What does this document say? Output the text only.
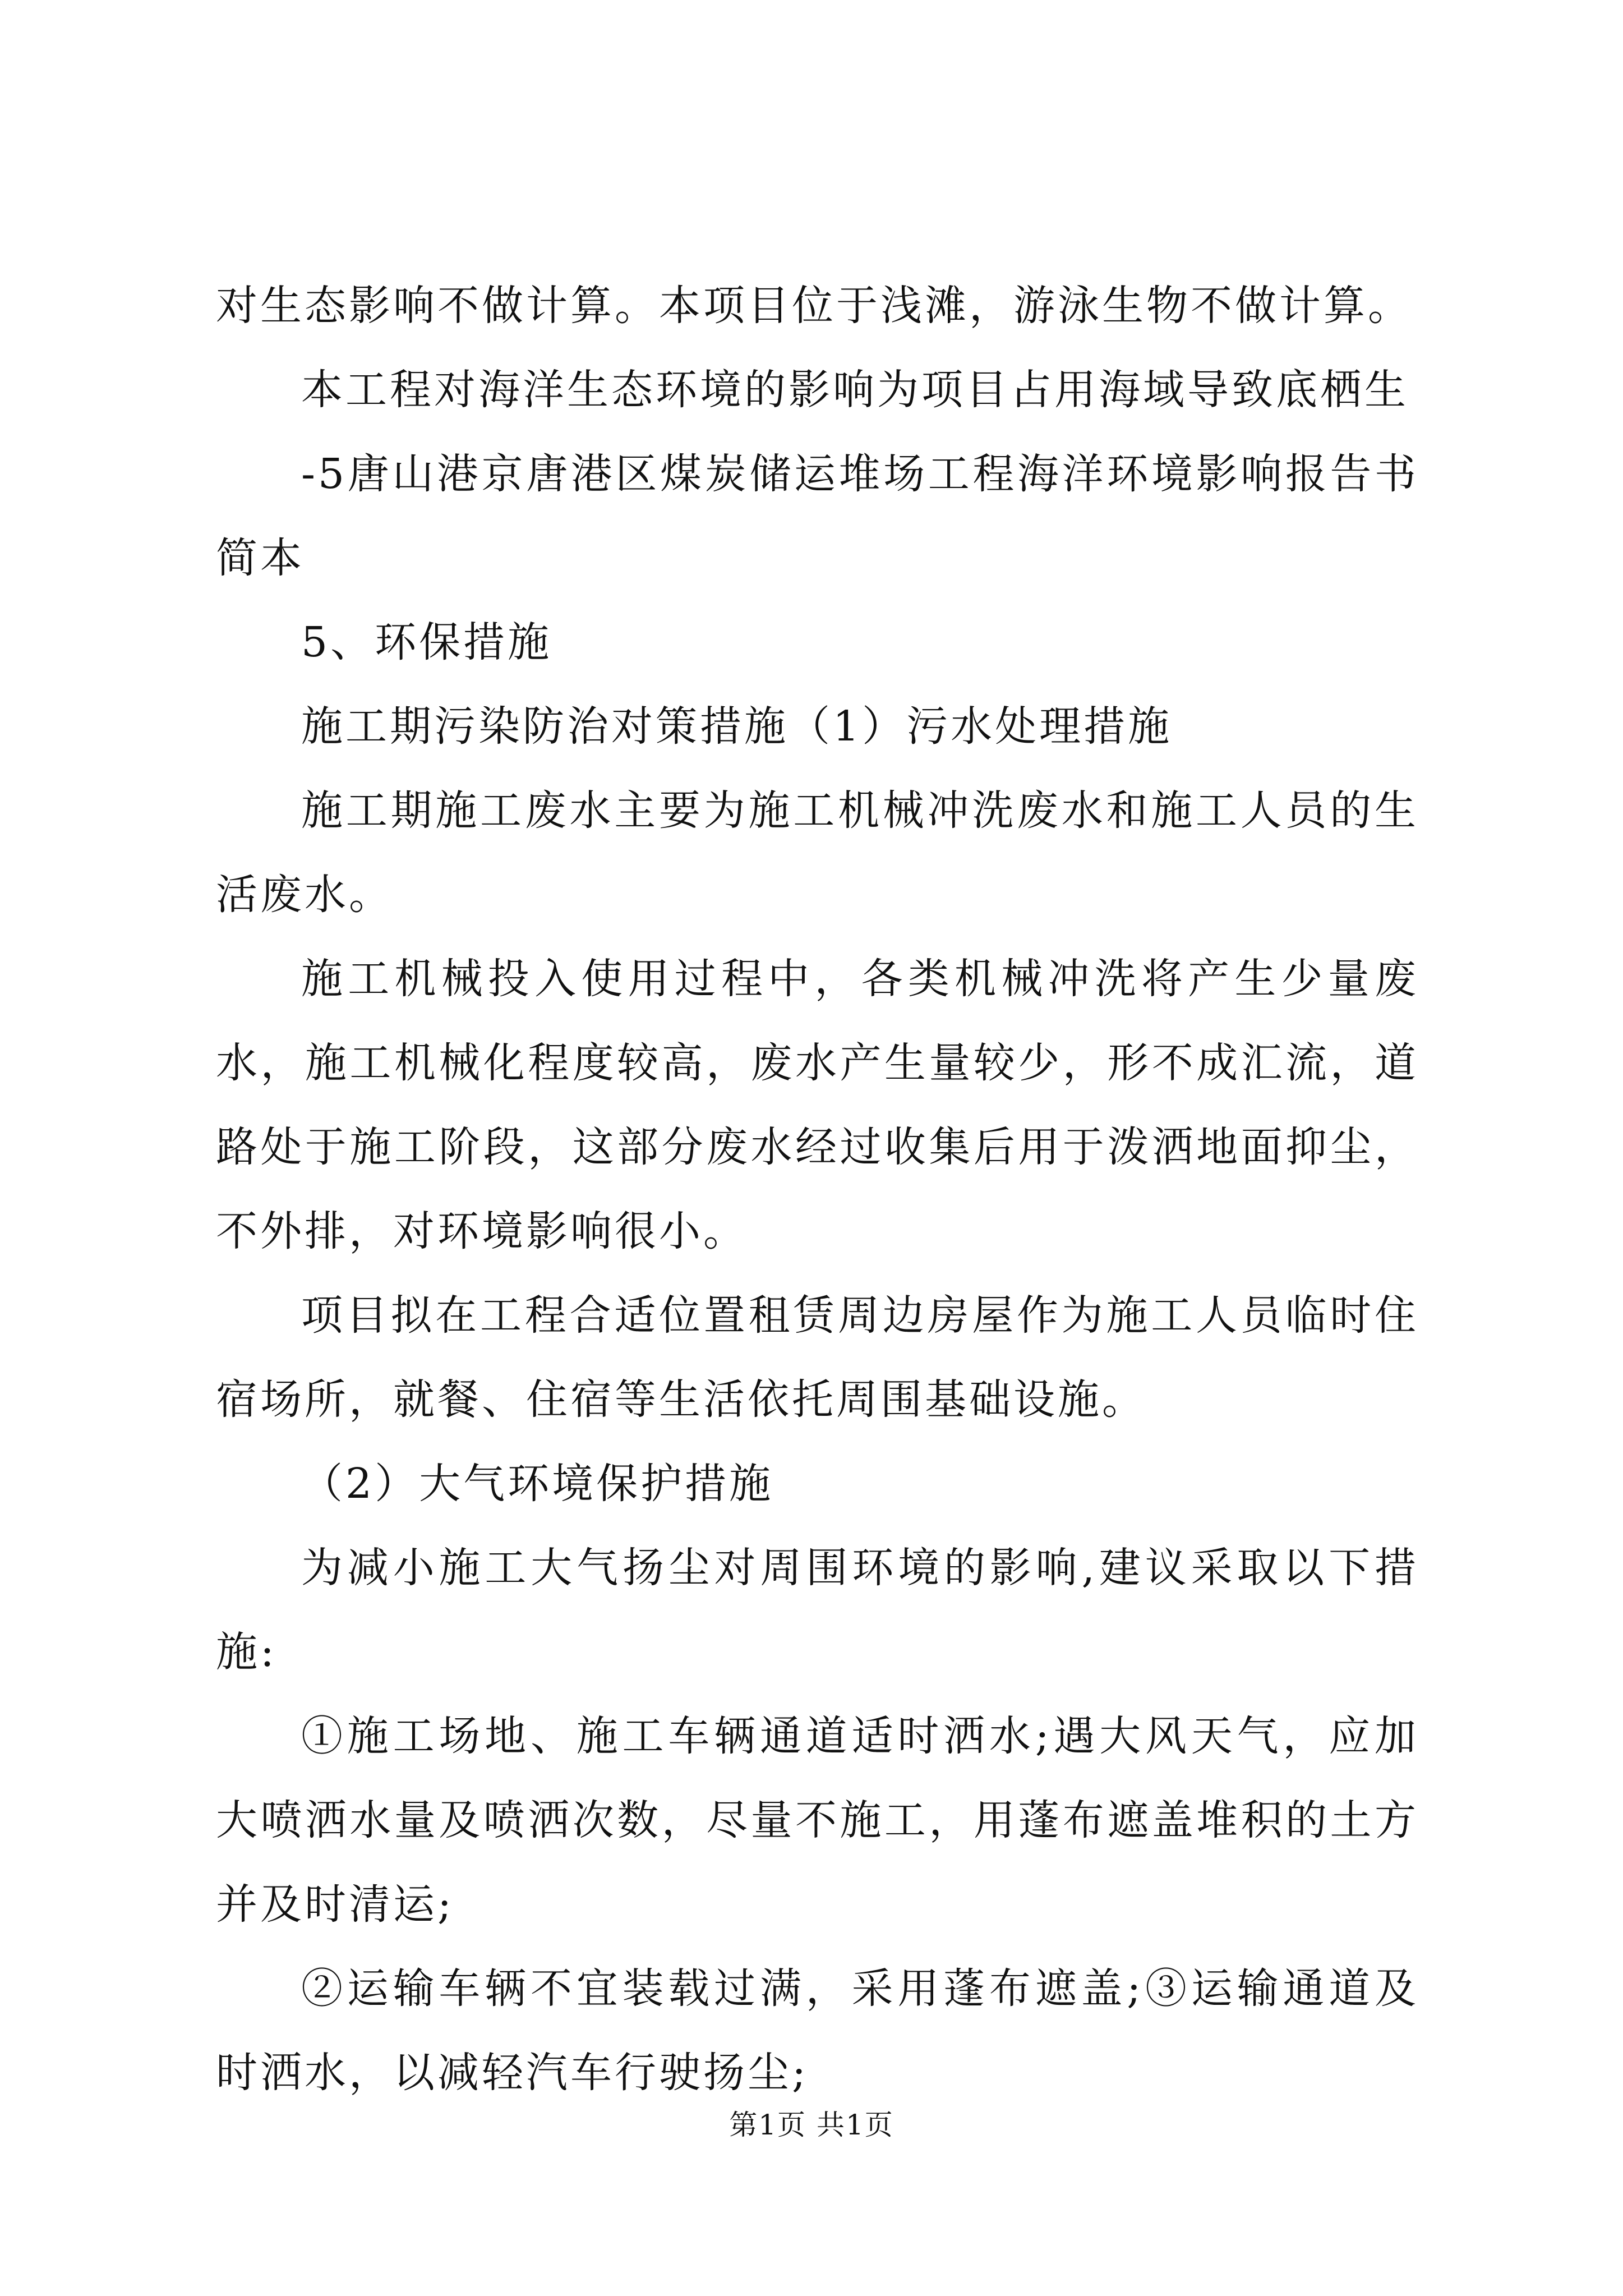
对生态影响不做计算。本项目位于浅滩，游泳生物不做计算。

本工程对海洋生态环境的影响为项目占用海域导致底栖生

-5唐山港京唐港区煤炭储运堆场工程海洋环境影响报告书简本

5、环保措施

施工期污染防治对策措施（1）污水处理措施

施工期施工废水主要为施工机械冲洗废水和施工人员的生活废水。

施工机械投入使用过程中，各类机械冲洗将产生少量废水，施工机械化程度较高，废水产生量较少，形不成汇流，道路处于施工阶段，这部分废水经过收集后用于泼洒地面抑尘，不外排，对环境影响很小。

项目拟在工程合适位置租赁周边房屋作为施工人员临时住宿场所，就餐、住宿等生活依托周围基础设施。

（2）大气环境保护措施

为减小施工大气扬尘对周围环境的影响,建议采取以下措施:

①施工场地、施工车辆通道适时洒水;遇大风天气，应加大喷洒水量及喷洒次数，尽量不施工，用蓬布遮盖堆积的土方并及时清运;

②运输车辆不宜装载过满，采用蓬布遮盖;③运输通道及时洒水，以减轻汽车行驶扬尘;

第1页 共1页
